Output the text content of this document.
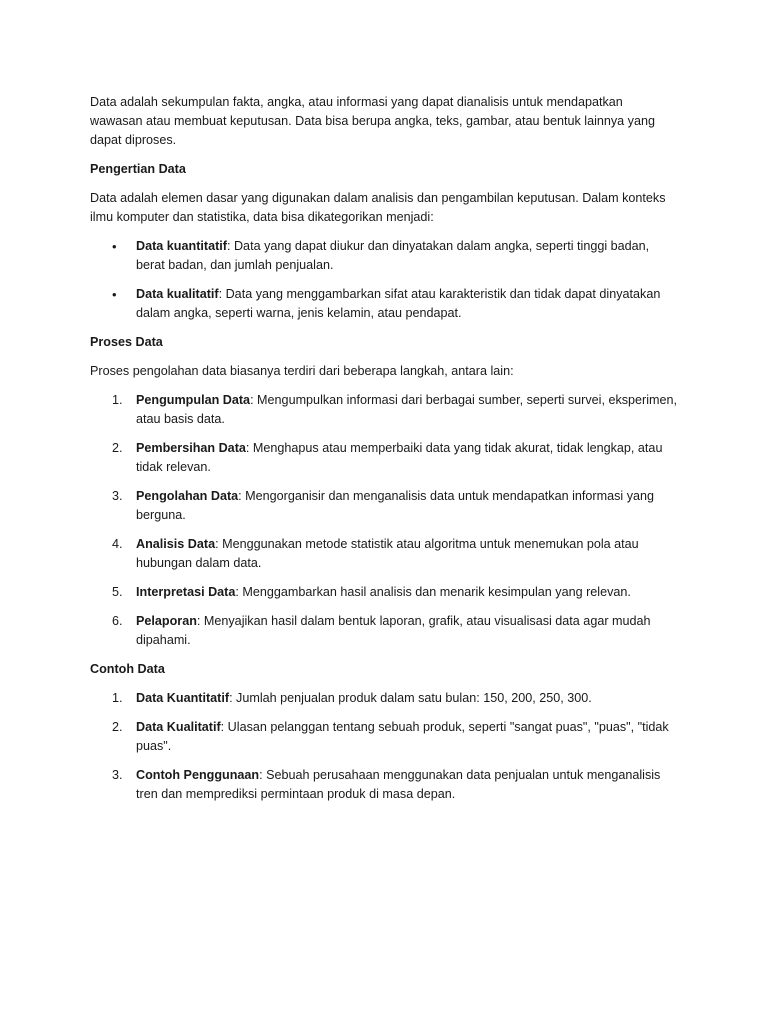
Data adalah sekumpulan fakta, angka, atau informasi yang dapat dianalisis untuk mendapatkan wawasan atau membuat keputusan. Data bisa berupa angka, teks, gambar, atau bentuk lainnya yang dapat diproses.

Pengertian Data

Data adalah elemen dasar yang digunakan dalam analisis dan pengambilan keputusan. Dalam konteks ilmu komputer dan statistika, data bisa dikategorikan menjadi:

• Data kuantitatif: Data yang dapat diukur dan dinyatakan dalam angka, seperti tinggi badan, berat badan, dan jumlah penjualan.
• Data kualitatif: Data yang menggambarkan sifat atau karakteristik dan tidak dapat dinyatakan dalam angka, seperti warna, jenis kelamin, atau pendapat.
Proses Data

Proses pengolahan data biasanya terdiri dari beberapa langkah, antara lain:

1. Pengumpulan Data: Mengumpulkan informasi dari berbagai sumber, seperti survei, eksperimen, atau basis data.
2. Pembersihan Data: Menghapus atau memperbaiki data yang tidak akurat, tidak lengkap, atau tidak relevan.
3. Pengolahan Data: Mengorganisir dan menganalisis data untuk mendapatkan informasi yang berguna.
4. Analisis Data: Menggunakan metode statistik atau algoritma untuk menemukan pola atau hubungan dalam data.
5. Interpretasi Data: Menggambarkan hasil analisis dan menarik kesimpulan yang relevan.
6. Pelaporan: Menyajikan hasil dalam bentuk laporan, grafik, atau visualisasi data agar mudah dipahami.
Contoh Data
1. Data Kuantitatif: Jumlah penjualan produk dalam satu bulan: 150, 200, 250, 300.
2. Data Kualitatif: Ulasan pelanggan tentang sebuah produk, seperti "sangat puas", "puas", "tidak puas".
3. Contoh Penggunaan: Sebuah perusahaan menggunakan data penjualan untuk menganalisis tren dan memprediksi permintaan produk di masa depan.
